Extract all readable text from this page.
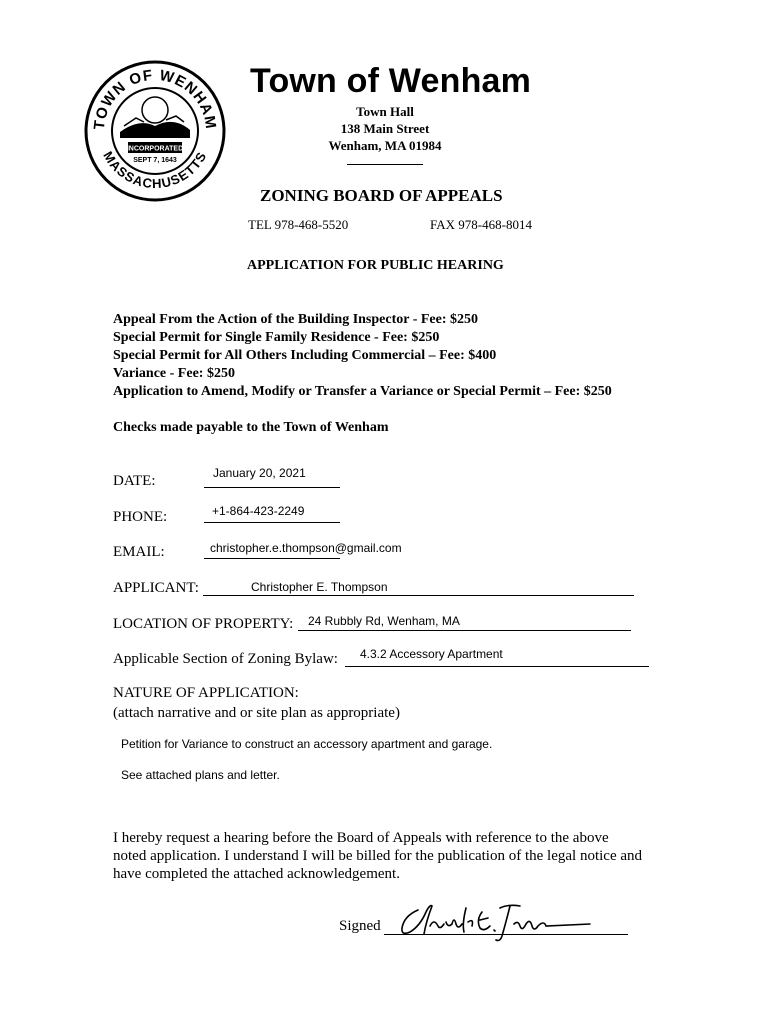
TOWN OF WENHAM
MASSACHUSETTS
INCORPORATED
SEPT 7, 1643
Town of Wenham
Town Hall
138 Main Street
Wenham, MA 01984
ZONING BOARD OF APPEALS
TEL 978-468-5520	FAX 978-468-8014
APPLICATION FOR PUBLIC HEARING
Appeal From the Action of the Building Inspector - Fee: $250
Special Permit for Single Family Residence - Fee: $250
Special Permit for All Others Including Commercial – Fee: $400
Variance - Fee: $250
Application to Amend, Modify or Transfer a Variance or Special Permit – Fee: $250
Checks made payable to the Town of Wenham
DATE:	January 20, 2021
PHONE:	+1-864-423-2249
EMAIL:	christopher.e.thompson@gmail.com
APPLICANT:	Christopher E. Thompson
LOCATION OF PROPERTY: 24 Rubbly Rd, Wenham, MA
Applicable Section of Zoning Bylaw: 4.3.2 Accessory Apartment
NATURE OF APPLICATION:
(attach narrative and or site plan as appropriate)
Petition for Variance to construct an accessory apartment and garage.
See attached plans and letter.
I hereby request a hearing before the Board of Appeals with reference to the above
noted application. I understand I will be billed for the publication of the legal notice and
have completed the attached acknowledgement.
Signed
